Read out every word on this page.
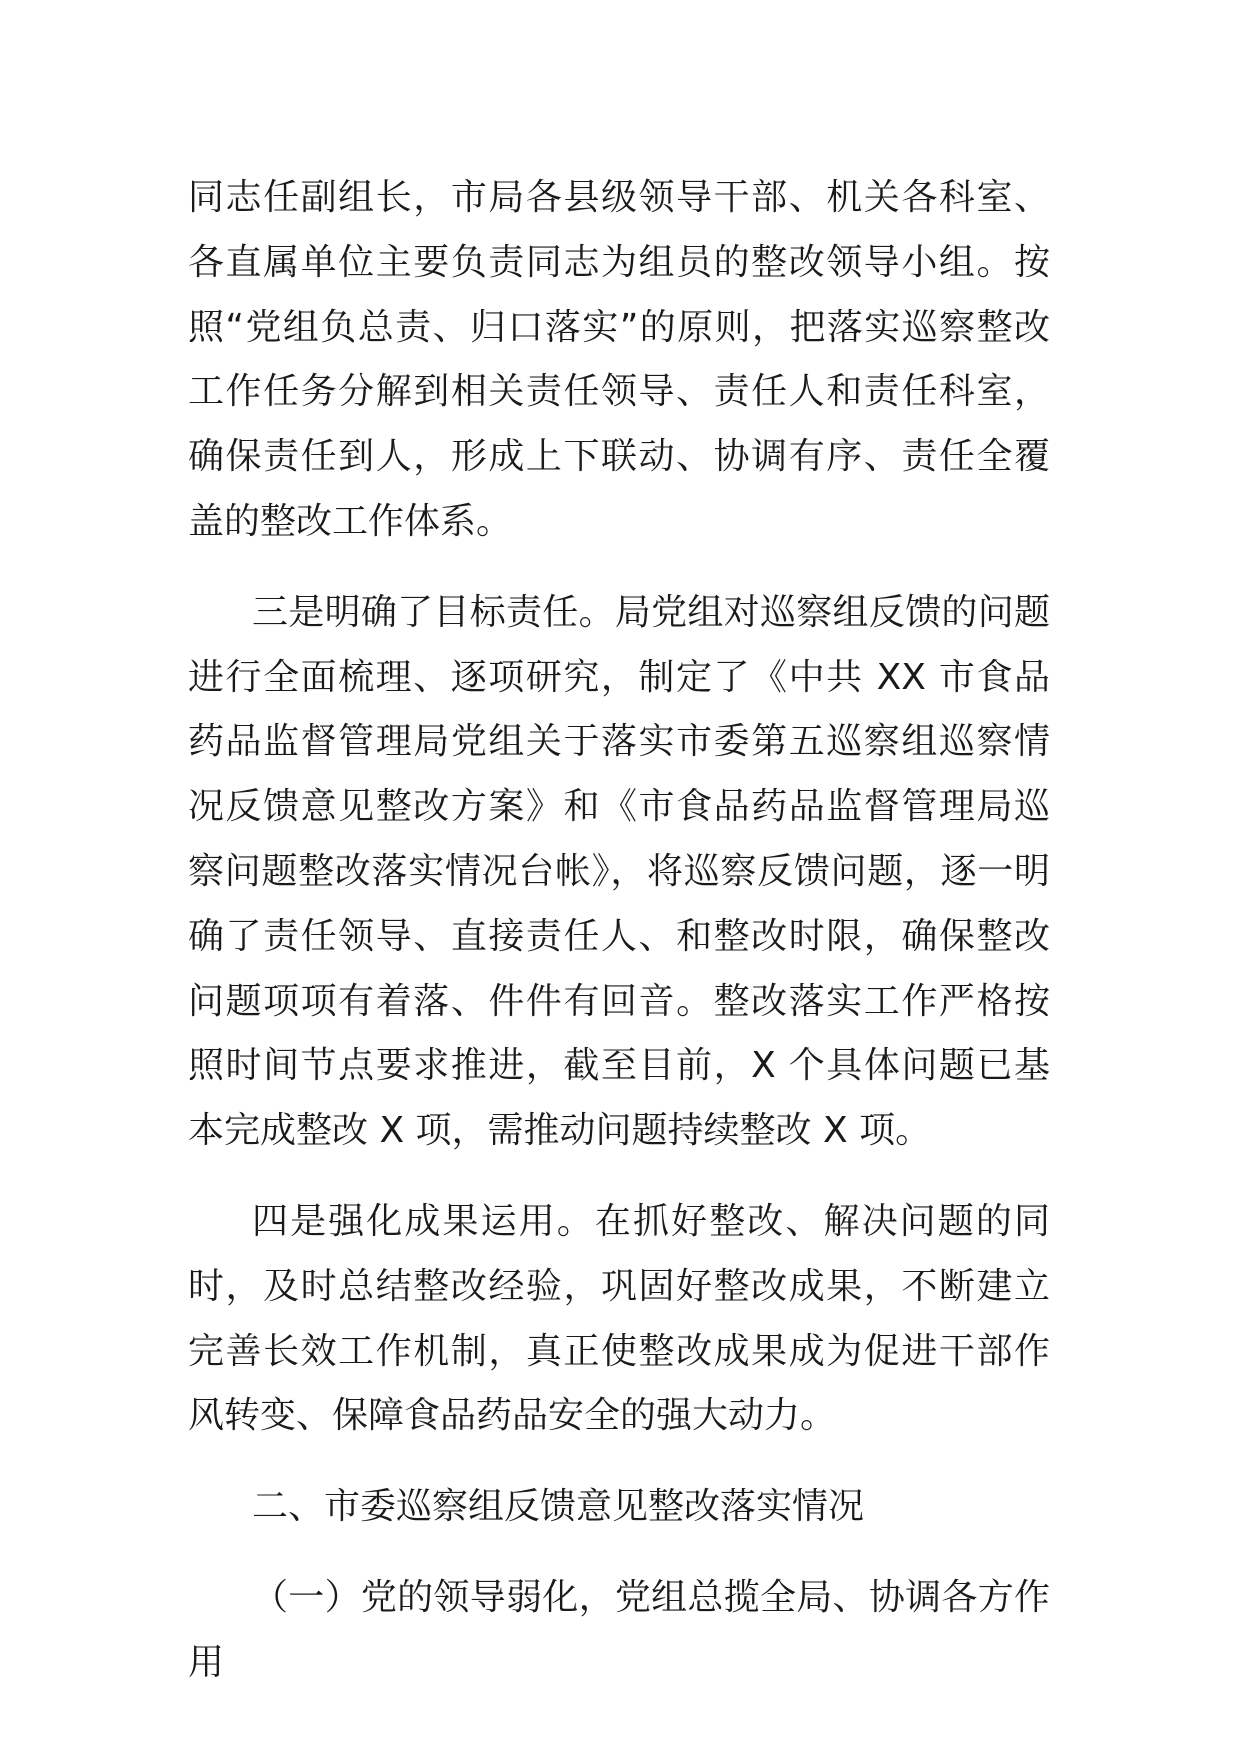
同志任副组长，市局各县级领导干部、机关各科室、各直属单位主要负责同志为组员的整改领导小组。按照“党组负总责、归口落实”的原则，把落实巡察整改工作任务分解到相关责任领导、责任人和责任科室，确保责任到人，形成上下联动、协调有序、责任全覆盖的整改工作体系。

三是明确了目标责任。局党组对巡察组反馈的问题进行全面梳理、逐项研究，制定了《中共 XX 市食品药品监督管理局党组关于落实市委第五巡察组巡察情况反馈意见整改方案》和《市食品药品监督管理局巡察问题整改落实情况台帐》，将巡察反馈问题，逐一明确了责任领导、直接责任人、和整改时限，确保整改问题项项有着落、件件有回音。整改落实工作严格按照时间节点要求推进，截至目前，X 个具体问题已基本完成整改 X 项，需推动问题持续整改 X 项。

四是强化成果运用。在抓好整改、解决问题的同时，及时总结整改经验，巩固好整改成果，不断建立完善长效工作机制，真正使整改成果成为促进干部作风转变、保障食品药品安全的强大动力。

二、市委巡察组反馈意见整改落实情况

（一）党的领导弱化，党组总揽全局、协调各方作用
